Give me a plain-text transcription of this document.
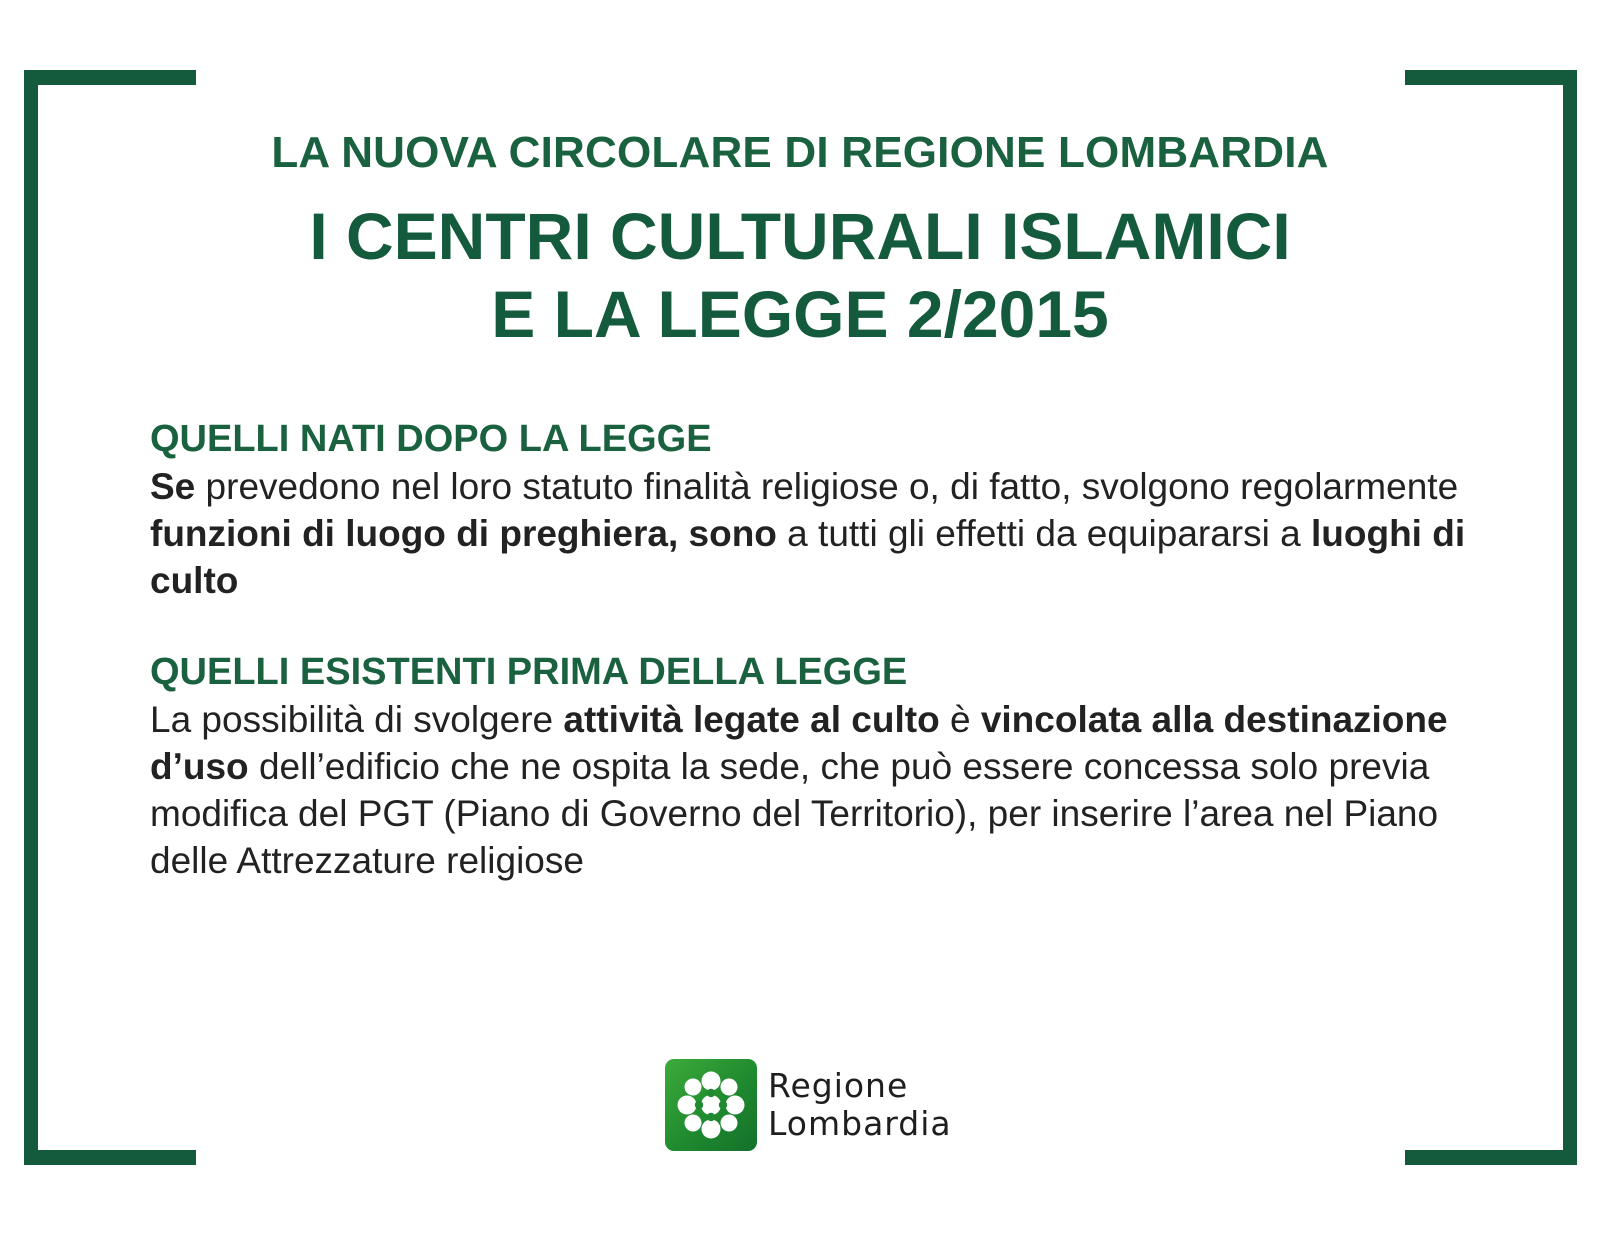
LA NUOVA CIRCOLARE DI REGIONE LOMBARDIA
I CENTRI CULTURALI ISLAMICI
E LA LEGGE 2/2015

QUELLI NATI DOPO LA LEGGE

Se prevedono nel loro statuto finalità religiose o, di fatto, svolgono regolarmente funzioni di luogo di preghiera, sono a tutti gli effetti da equipararsi a luoghi di culto

QUELLI ESISTENTI PRIMA DELLA LEGGE

La possibilità di svolgere attività legate al culto è vincolata alla destinazione d’uso dell’edificio che ne ospita la sede, che può essere concessa solo previa modifica del PGT (Piano di Governo del Territorio), per inserire l’area nel Piano delle Attrezzature religiose

Regione
Lombardia
